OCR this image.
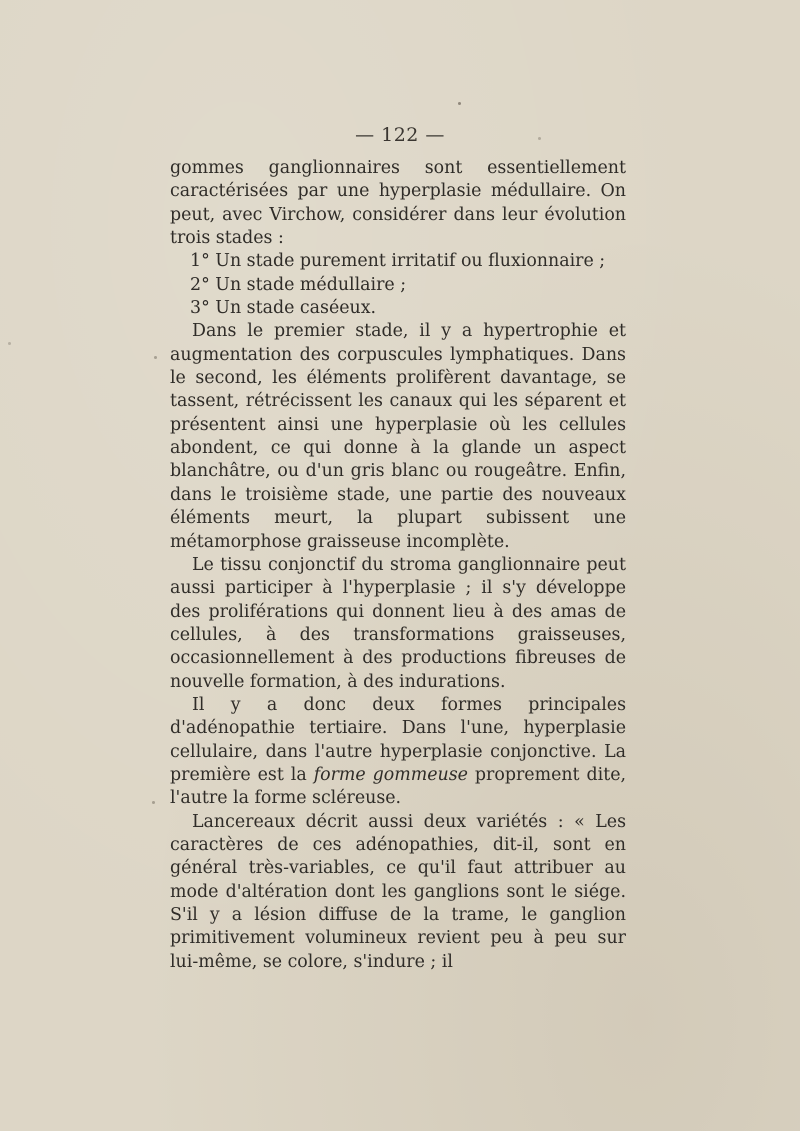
— 122 —

gommes ganglionnaires sont essentiellement caractérisées par une hyperplasie médullaire. On peut, avec Virchow, considérer dans leur évolution trois stades :

1° Un stade purement irritatif ou fluxionnaire ;

2° Un stade médullaire ;

3° Un stade caséeux.

Dans le premier stade, il y a hypertrophie et augmentation des corpuscules lymphatiques. Dans le second, les éléments prolifèrent davantage, se tassent, rétrécissent les canaux qui les séparent et présentent ainsi une hyperplasie où les cellules abondent, ce qui donne à la glande un aspect blanchâtre, ou d'un gris blanc ou rougeâtre. Enfin, dans le troisième stade, une partie des nouveaux éléments meurt, la plupart subissent une métamorphose graisseuse incomplète.

Le tissu conjonctif du stroma ganglionnaire peut aussi participer à l'hyperplasie ; il s'y développe des proliférations qui donnent lieu à des amas de cellules, à des transformations graisseuses, occasionnellement à des productions fibreuses de nouvelle formation, à des indurations.

Il y a donc deux formes principales d'adénopathie tertiaire. Dans l'une, hyperplasie cellulaire, dans l'autre hyperplasie conjonctive. La première est la forme gommeuse proprement dite, l'autre la forme scléreuse.

Lancereaux décrit aussi deux variétés : « Les caractères de ces adénopathies, dit-il, sont en général très-variables, ce qu'il faut attribuer au mode d'altération dont les ganglions sont le siége. S'il y a lésion diffuse de la trame, le ganglion primitivement volumineux revient peu à peu sur lui-même, se colore, s'indure ; il
